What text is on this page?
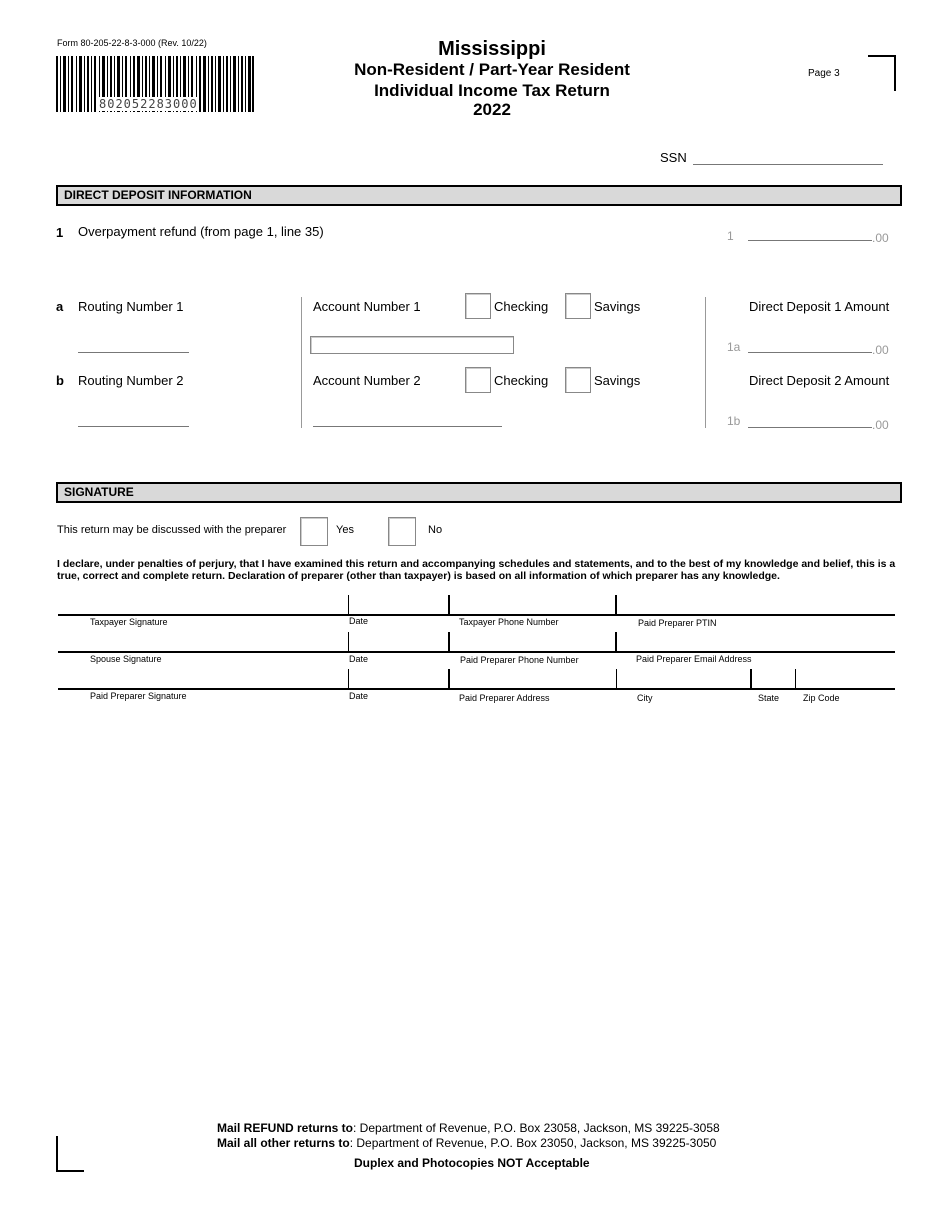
Form 80-205-22-8-3-000 (Rev. 10/22)
802052283000
Mississippi
Non-Resident / Part-Year Resident
Individual Income Tax Return
2022
Page 3
SSN
DIRECT DEPOSIT INFORMATION
1 Overpayment refund (from page 1, line 35)	1	.00
a Routing Number 1	Account Number 1	Checking	Savings	Direct Deposit 1 Amount
1a	.00
b Routing Number 2	Account Number 2	Checking	Savings	Direct Deposit 2 Amount
1b	.00
SIGNATURE
This return may be discussed with the preparer	Yes	No
I declare, under penalties of perjury, that I have examined this return and accompanying schedules and statements, and to the best of my knowledge and belief, this is a true, correct and complete return. Declaration of preparer (other than taxpayer) is based on all information of which preparer has any knowledge.
Taxpayer Signature	Date	Taxpayer Phone Number	Paid Preparer PTIN
Spouse Signature	Date	Paid Preparer Phone Number	Paid Preparer Email Address
Paid Preparer Signature	Date	Paid Preparer Address	City	State	Zip Code
Mail REFUND returns to: Department of Revenue, P.O. Box 23058, Jackson, MS 39225-3058
Mail all other returns to: Department of Revenue, P.O. Box 23050, Jackson, MS 39225-3050
Duplex and Photocopies NOT Acceptable
